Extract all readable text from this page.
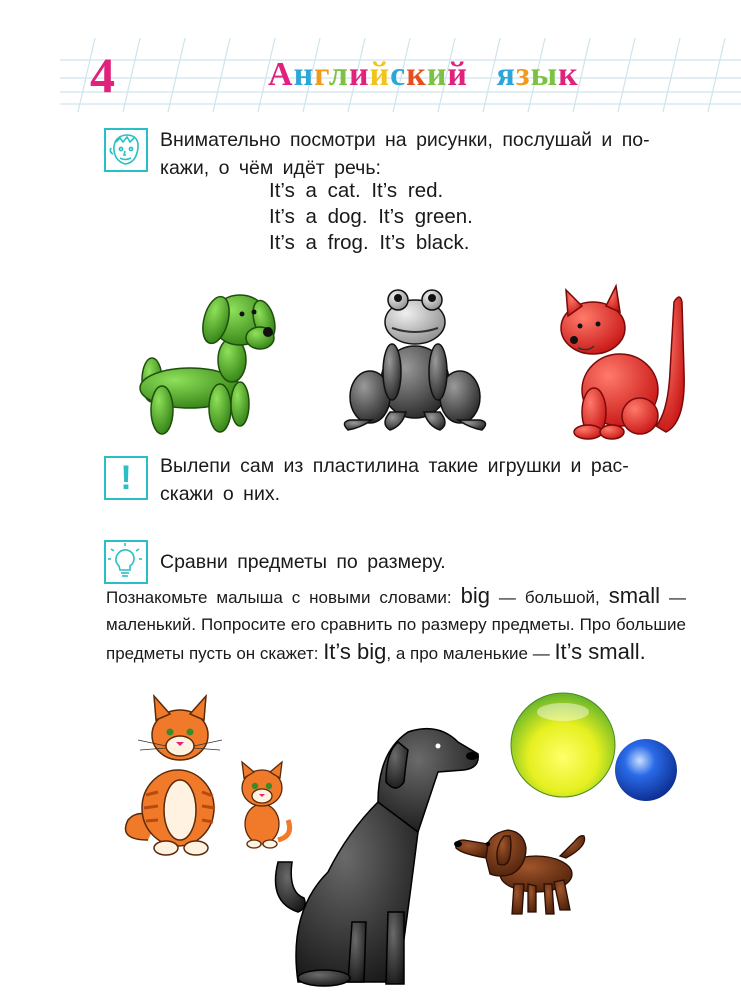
4	Английский язык
Внимательно посмотри на рисунки, послушай и по-
кажи, о чём идёт речь:
It’s a cat. It’s red.
It’s a dog. It’s green.
It’s a frog. It’s black.
!	Вылепи сам из пластилина такие игрушки и рас-
скажи о них.
Сравни предметы по размеру.
Познакомьте малыша с новыми словами: big — большой, small — маленький. Попросите его сравнить по размеру предметы. Про большие предметы пусть он скажет: It’s big, а про маленькие — It’s small.
